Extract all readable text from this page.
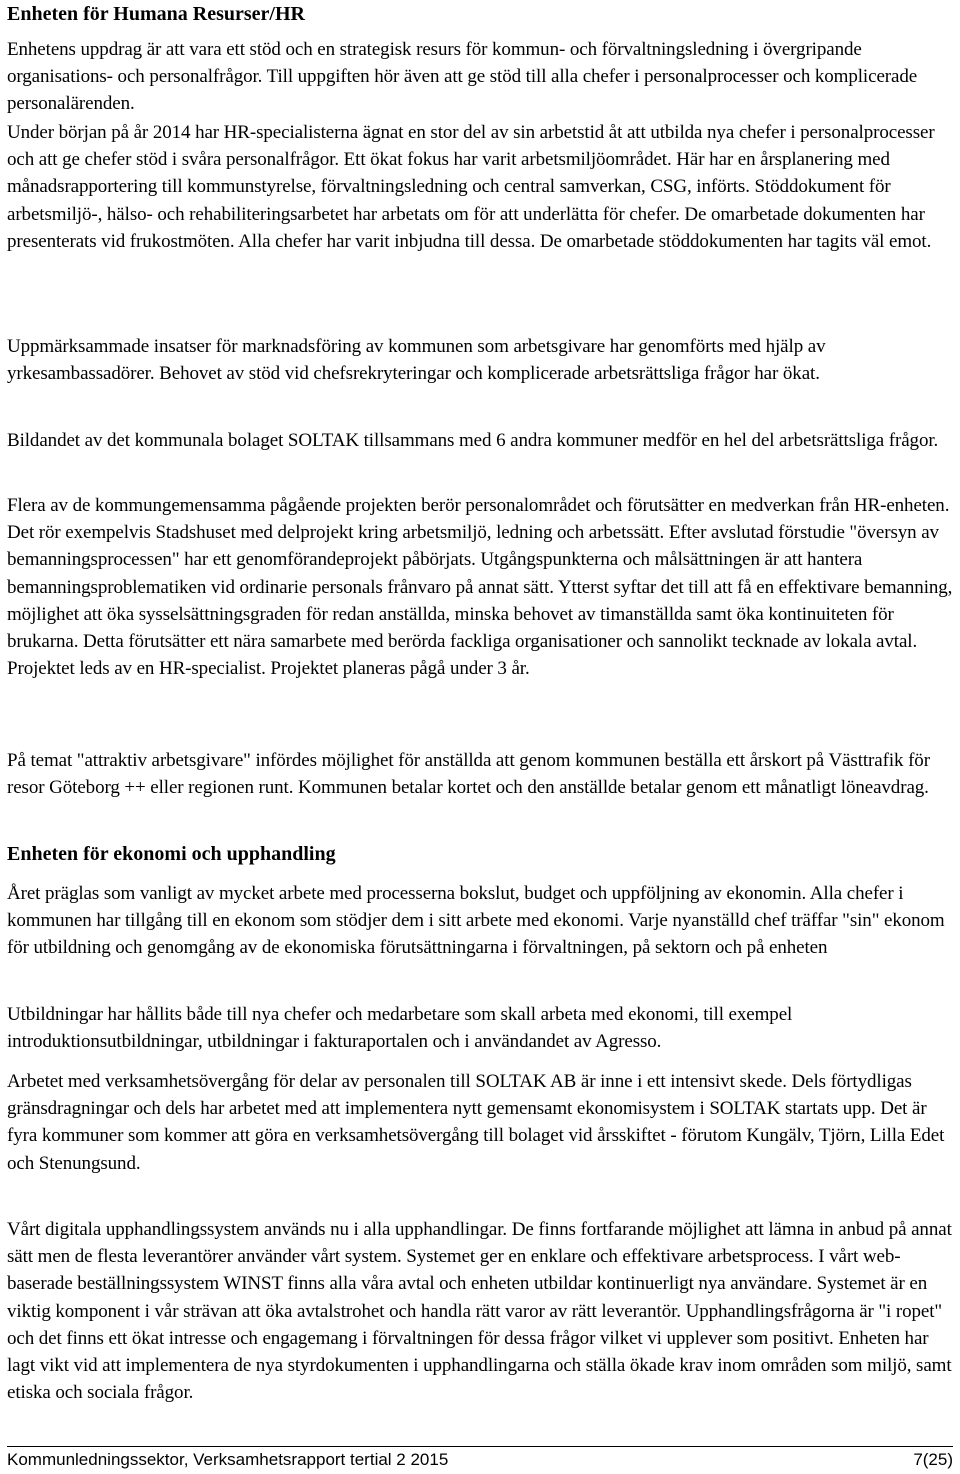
Enheten för Humana Resurser/HR

Enhetens uppdrag är att vara ett stöd och en strategisk resurs för kommun- och förvaltningsledning i övergripande organisations- och personalfrågor. Till uppgiften hör även att ge stöd till alla chefer i personalprocesser och komplicerade personalärenden.

Under början på år 2014 har HR-specialisterna ägnat en stor del av sin arbetstid åt att utbilda nya chefer i personalprocesser och att ge chefer stöd i svåra personalfrågor. Ett ökat fokus har varit arbetsmiljöområdet. Här har en årsplanering med månadsrapportering till kommunstyrelse, förvaltningsledning och central samverkan, CSG, införts. Stöddokument för arbetsmiljö-, hälso- och rehabiliteringsarbetet har arbetats om för att underlätta för chefer. De omarbetade dokumenten har presenterats vid frukostmöten. Alla chefer har varit inbjudna till dessa. De omarbetade stöddokumenten har tagits väl emot.

Uppmärksammade insatser för marknadsföring av kommunen som arbetsgivare har genomförts med hjälp av yrkesambassadörer. Behovet av stöd vid chefsrekryteringar och komplicerade arbetsrättsliga frågor har ökat.

Bildandet av det kommunala bolaget SOLTAK tillsammans med 6 andra kommuner medför en hel del arbetsrättsliga frågor.

Flera av de kommungemensamma pågående projekten berör personalområdet och förutsätter en medverkan från HR-enheten. Det rör exempelvis Stadshuset med delprojekt kring arbetsmiljö, ledning och arbetssätt. Efter avslutad förstudie "översyn av bemanningsprocessen" har ett genomförandeprojekt påbörjats. Utgångspunkterna och målsättningen är att hantera bemanningsproblematiken vid ordinarie personals frånvaro på annat sätt. Ytterst syftar det till att få en effektivare bemanning, möjlighet att öka sysselsättningsgraden för redan anställda, minska behovet av timanställda samt öka kontinuiteten för brukarna. Detta förutsätter ett nära samarbete med berörda fackliga organisationer och sannolikt tecknade av lokala avtal. Projektet leds av en HR-specialist. Projektet planeras pågå under 3 år.

På temat "attraktiv arbetsgivare" infördes möjlighet för anställda att genom kommunen beställa ett årskort på Västtrafik för resor Göteborg ++ eller regionen runt. Kommunen betalar kortet och den anställde betalar genom ett månatligt löneavdrag.

Enheten för ekonomi och upphandling

Året präglas som vanligt av mycket arbete med processerna bokslut, budget och uppföljning av ekonomin. Alla chefer i kommunen har tillgång till en ekonom som stödjer dem i sitt arbete med ekonomi. Varje nyanställd chef träffar "sin" ekonom för utbildning och genomgång av de ekonomiska förutsättningarna i förvaltningen, på sektorn och på enheten

Utbildningar har hållits både till nya chefer och medarbetare som skall arbeta med ekonomi, till exempel introduktionsutbildningar, utbildningar i fakturaportalen och i användandet av Agresso.

Arbetet med verksamhetsövergång för delar av personalen till SOLTAK AB är inne i ett intensivt skede. Dels förtydligas gränsdragningar och dels har arbetet med att implementera nytt gemensamt ekonomisystem i SOLTAK startats upp. Det är fyra kommuner som kommer att göra en verksamhetsövergång till bolaget vid årsskiftet - förutom Kungälv, Tjörn, Lilla Edet och Stenungsund.

Vårt digitala upphandlingssystem används nu i alla upphandlingar. De finns fortfarande möjlighet att lämna in anbud på annat sätt men de flesta leverantörer använder vårt system. Systemet ger en enklare och effektivare arbetsprocess. I vårt web-baserade beställningssystem WINST finns alla våra avtal och enheten utbildar kontinuerligt nya användare. Systemet är en viktig komponent i vår strävan att öka avtalstrohet och handla rätt varor av rätt leverantör. Upphandlingsfrågorna är "i ropet" och det finns ett ökat intresse och engagemang i förvaltningen för dessa frågor vilket vi upplever som positivt. Enheten har lagt vikt vid att implementera de nya styrdokumenten i upphandlingarna och ställa ökade krav inom områden som miljö, samt etiska och sociala frågor.

Kommunledningssektor, Verksamhetsrapport tertial 2 2015	7(25)
